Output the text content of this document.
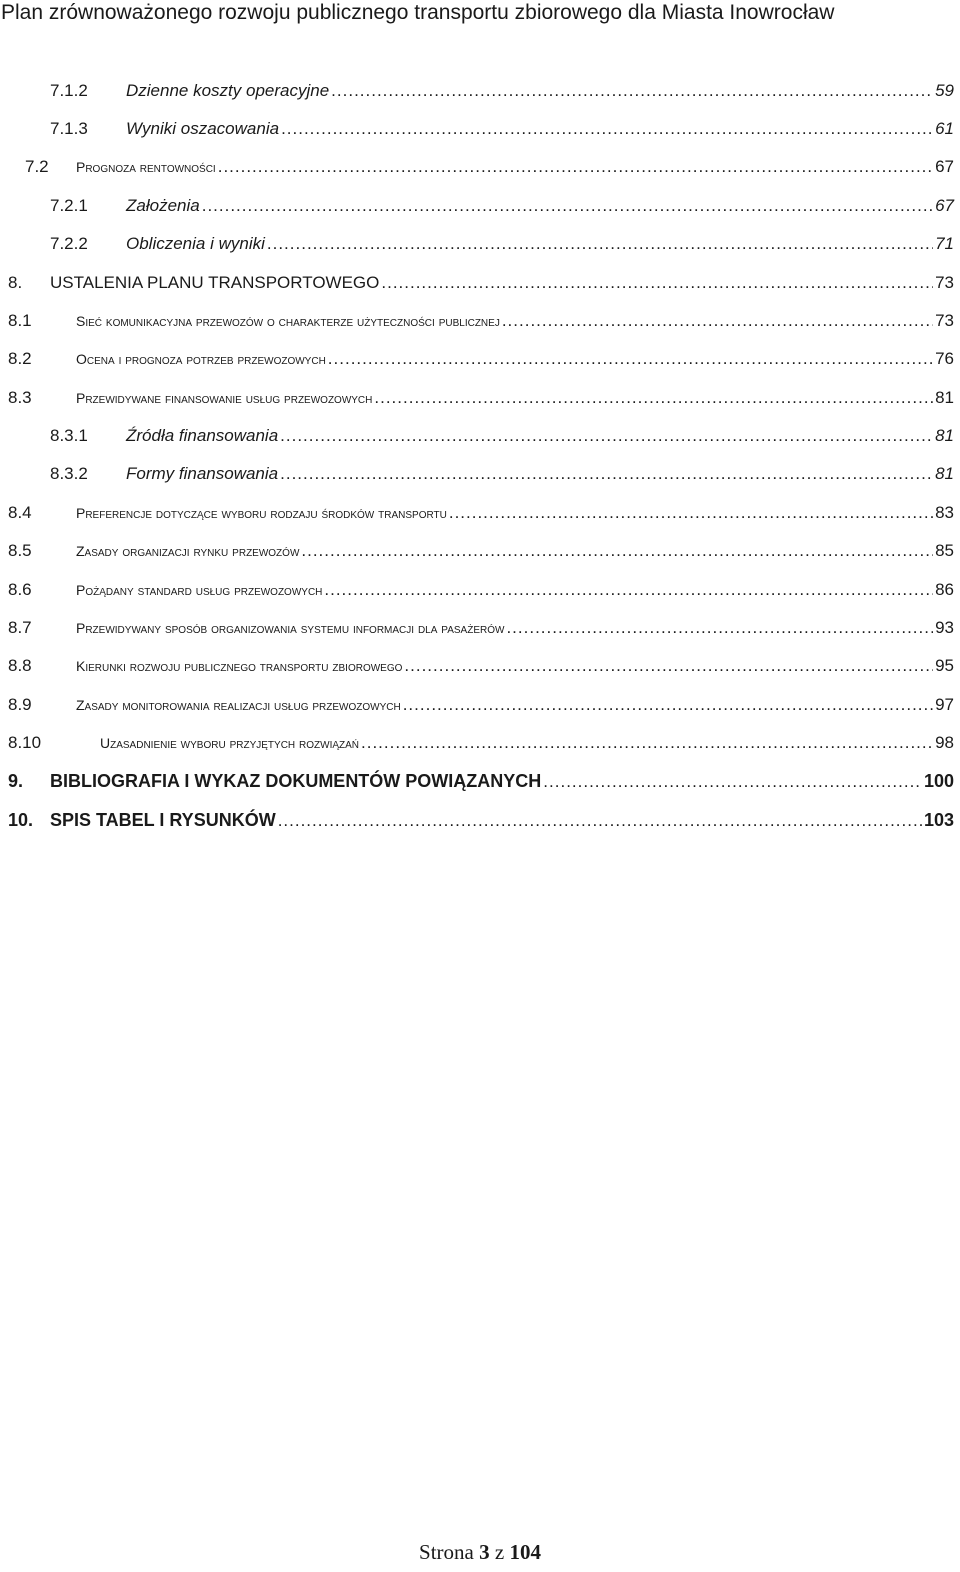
Plan zrównoważonego rozwoju publicznego transportu zbiorowego dla Miasta Inowrocław
7.1.2 Dzienne koszty operacyjne .....	59
7.1.3 Wyniki oszacowania .....	61
7.2 Prognoza rentowności .....	67
7.2.1 Założenia .....	67
7.2.2 Obliczenia i wyniki .....	71
8. USTALENIA PLANU TRANSPORTOWEGO .....	73
8.1	Sieć komunikacyjna przewozów o charakterze użyteczności publicznej .....	73
8.2	Ocena i prognoza potrzeb przewozowych .....	76
8.3	Przewidywane finansowanie usług przewozowych .....	81
8.3.1 Źródła finansowania .....	81
8.3.2 Formy finansowania .....	81
8.4	Preferencje dotyczące wyboru rodzaju środków transportu .....	83
8.5	Zasady organizacji rynku przewozów .....	85
8.6	Pożądany standard usług przewozowych .....	86
8.7	Przewidywany sposób organizowania systemu informacji dla pasażerów .....	93
8.8	Kierunki rozwoju publicznego transportu zbiorowego .....	95
8.9	Zasady monitorowania realizacji usług przewozowych .....	97
8.10	Uzasadnienie wyboru przyjętych rozwiązań .....	98
9. BIBLIOGRAFIA I WYKAZ DOKUMENTÓW POWIĄZANYCH .....	100
10. SPIS TABEL I RYSUNKÓW .....	103
Strona 3 z 104
